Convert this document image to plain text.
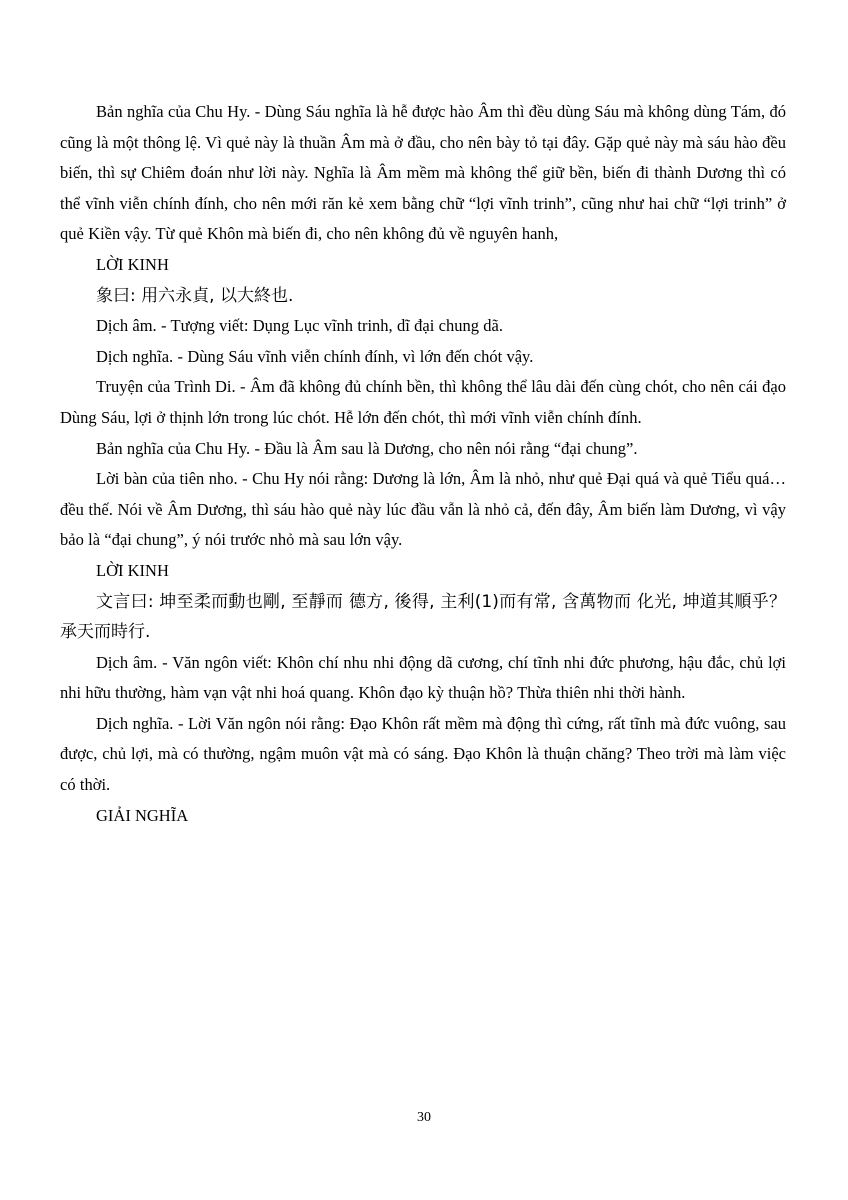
Bản nghĩa của Chu Hy. - Dùng Sáu nghĩa là hễ được hào Âm thì đều dùng Sáu mà không dùng Tám, đó cũng là một thông lệ. Vì quẻ này là thuần Âm mà ở đầu, cho nên bày tỏ tại đây. Gặp quẻ này mà sáu hào đều biến, thì sự Chiêm đoán như lời này. Nghĩa là Âm mềm mà không thể giữ bền, biến đi thành Dương thì có thể vĩnh viễn chính đính, cho nên mới răn kẻ xem bằng chữ “lợi vĩnh trinh”, cũng như hai chữ “lợi trinh” ở quẻ Kiền vậy. Từ quẻ Khôn mà biến đi, cho nên không đủ về nguyên hanh,

LỜI KINH

象曰: 用六永貞, 以大終也.

Dịch âm. - Tượng viết: Dụng Lục vĩnh trinh, dĩ đại chung dã.

Dịch nghĩa. - Dùng Sáu vĩnh viễn chính đính, vì lớn đến chót vậy.

Truyện của Trình Di. - Âm đã không đủ chính bền, thì không thể lâu dài đến cùng chót, cho nên cái đạo Dùng Sáu, lợi ở thịnh lớn trong lúc chót. Hễ lớn đến chót, thì mới vĩnh viễn chính đính.

Bản nghĩa của Chu Hy. - Đầu là Âm sau là Dương, cho nên nói rằng “đại chung”.

Lời bàn của tiên nho. - Chu Hy nói rằng: Dương là lớn, Âm là nhỏ, như quẻ Đại quá và quẻ Tiểu quá… đều thế. Nói về Âm Dương, thì sáu hào quẻ này lúc đầu vẫn là nhỏ cả, đến đây, Âm biến làm Dương, vì vậy bảo là “đại chung”, ý nói trước nhỏ mà sau lớn vậy.

LỜI KINH

文言曰: 坤至柔而動也剛, 至靜而 德方, 後得, 主利(1)而有常, 含萬物而 化光, 坤道其順乎？承天而時行.

Dịch âm. - Văn ngôn viết: Khôn chí nhu nhi động dã cương, chí tĩnh nhi đức phương, hậu đắc, chủ lợi nhi hữu thường, hàm vạn vật nhi hoá quang. Khôn đạo kỳ thuận hồ? Thừa thiên nhi thời hành.

Dịch nghĩa. - Lời Văn ngôn nói rằng: Đạo Khôn rất mềm mà động thì cứng, rất tĩnh mà đức vuông, sau được, chủ lợi, mà có thường, ngậm muôn vật mà có sáng. Đạo Khôn là thuận chăng? Theo trời mà làm việc có thời.

GIẢI NGHĨA

30
